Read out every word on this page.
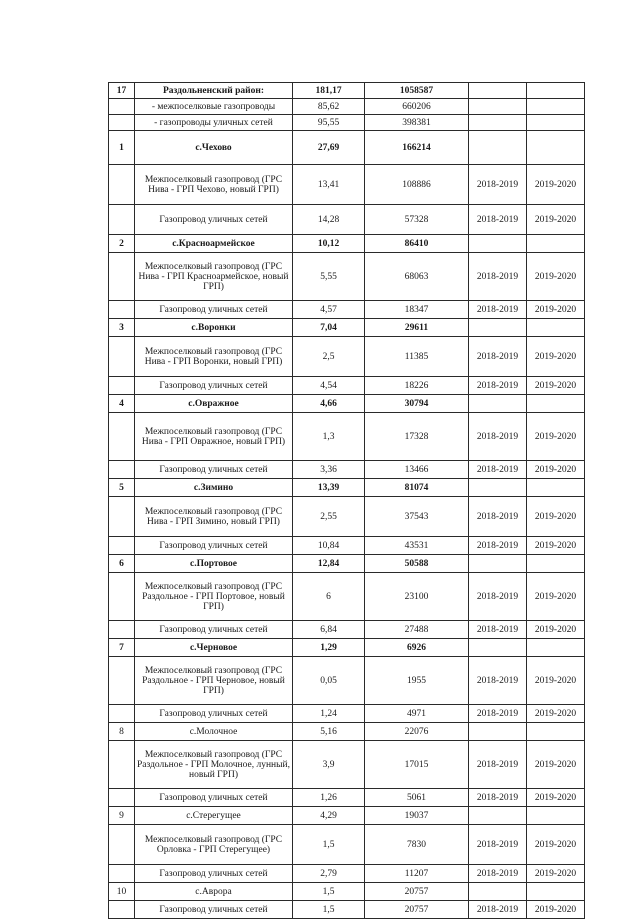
17	Раздольненский район:	181,17	1058587		
	- межпоселковые газопроводы	85,62	660206		
	- газопроводы уличных сетей	95,55	398381		
1	с.Чехово	27,69	166214		
	Межпоселковый газопровод (ГРС Нива - ГРП Чехово, новый ГРП)	13,41	108886	2018-2019	2019-2020
	Газопровод уличных сетей	14,28	57328	2018-2019	2019-2020
2	с.Красноармейское	10,12	86410		
	Межпоселковый газопровод (ГРС Нива - ГРП Красноармейское, новый ГРП)	5,55	68063	2018-2019	2019-2020
	Газопровод уличных сетей	4,57	18347	2018-2019	2019-2020
3	с.Воронки	7,04	29611		
	Межпоселковый газопровод (ГРС Нива - ГРП Воронки, новый ГРП)	2,5	11385	2018-2019	2019-2020
	Газопровод уличных сетей	4,54	18226	2018-2019	2019-2020
4	с.Овражное	4,66	30794		
	Межпоселковый газопровод (ГРС Нива - ГРП Овражное, новый ГРП)	1,3	17328	2018-2019	2019-2020
	Газопровод уличных сетей	3,36	13466	2018-2019	2019-2020
5	с.Зимино	13,39	81074		
	Межпоселковый газопровод (ГРС Нива - ГРП Зимино, новый ГРП)	2,55	37543	2018-2019	2019-2020
	Газопровод уличных сетей	10,84	43531	2018-2019	2019-2020
6	с.Портовое	12,84	50588		
	Межпоселковый газопровод (ГРС Раздольное - ГРП Портовое, новый ГРП)	6	23100	2018-2019	2019-2020
	Газопровод уличных сетей	6,84	27488	2018-2019	2019-2020
7	с.Черновое	1,29	6926		
	Межпоселковый газопровод (ГРС Раздольное - ГРП Черновое, новый ГРП)	0,05	1955	2018-2019	2019-2020
	Газопровод уличных сетей	1,24	4971	2018-2019	2019-2020
8	с.Молочное	5,16	22076		
	Межпоселковый газопровод (ГРС Раздольное - ГРП Молочное, лунный, новый ГРП)	3,9	17015	2018-2019	2019-2020
	Газопровод уличных сетей	1,26	5061	2018-2019	2019-2020
9	с.Стерегущее	4,29	19037		
	Межпоселковый газопровод (ГРС Орловка - ГРП Стерегущее)	1,5	7830	2018-2019	2019-2020
	Газопровод уличных сетей	2,79	11207	2018-2019	2019-2020
10	с.Аврора	1,5	20757		
	Газопровод уличных сетей	1,5	20757	2018-2019	2019-2020
